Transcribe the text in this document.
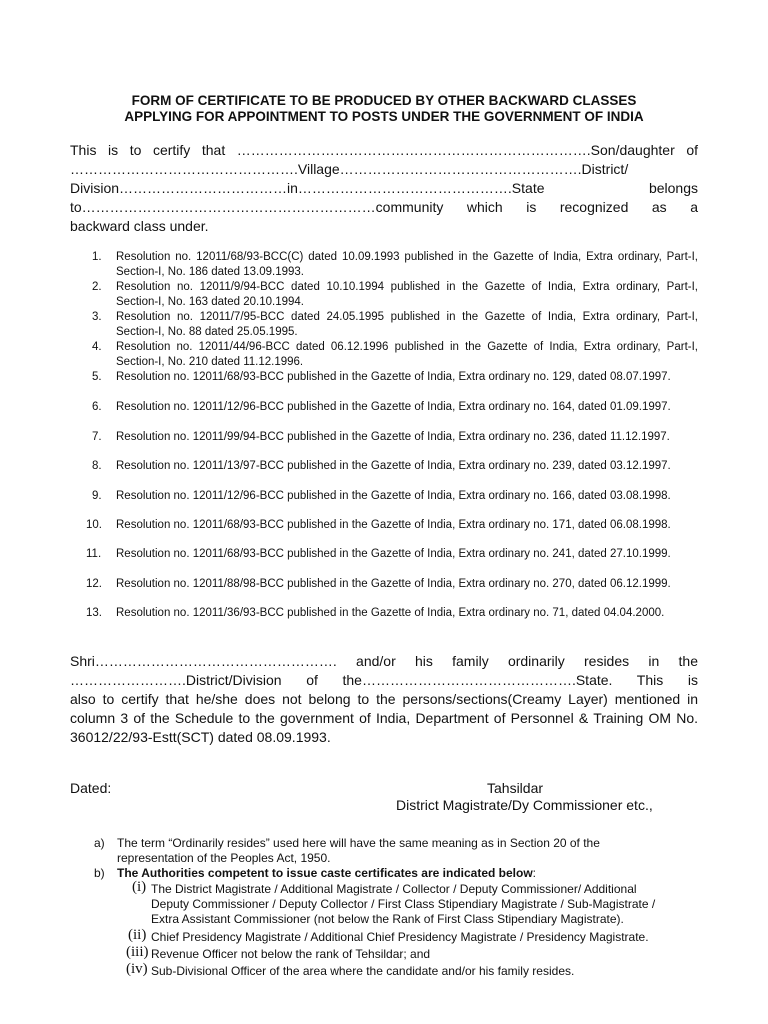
FORM OF CERTIFICATE TO BE PRODUCED BY OTHER BACKWARD CLASSES
APPLYING FOR APPOINTMENT TO POSTS UNDER THE GOVERNMENT OF INDIA
This is to certify that ………………………………………………………………….Son/daughter of
………………………………………….Village…………………………………………….District/
Division………………………………in……………………………………….State belongs
to………………………………………………………community which is recognized as a
backward class under.
1.	Resolution no. 12011/68/93-BCC(C) dated 10.09.1993 published in the Gazette of India, Extra ordinary, Part-I, Section-I, No. 186 dated 13.09.1993.
2.	Resolution no. 12011/9/94-BCC dated 10.10.1994 published in the Gazette of India, Extra ordinary, Part-I, Section-I, No. 163 dated 20.10.1994.
3.	Resolution no. 12011/7/95-BCC dated 24.05.1995 published in the Gazette of India, Extra ordinary, Part-I, Section-I, No. 88 dated 25.05.1995.
4.	Resolution no. 12011/44/96-BCC dated 06.12.1996 published in the Gazette of India, Extra ordinary, Part-I, Section-I, No. 210 dated 11.12.1996.
5.	Resolution no. 12011/68/93-BCC published in the Gazette of India, Extra ordinary no. 129, dated 08.07.1997.
6.	Resolution no. 12011/12/96-BCC published in the Gazette of India, Extra ordinary no. 164, dated 01.09.1997.
7.	Resolution no. 12011/99/94-BCC published in the Gazette of India, Extra ordinary no. 236, dated 11.12.1997.
8.	Resolution no. 12011/13/97-BCC published in the Gazette of India, Extra ordinary no. 239, dated 03.12.1997.
9.	Resolution no. 12011/12/96-BCC published in the Gazette of India, Extra ordinary no. 166, dated 03.08.1998.
10.	Resolution no. 12011/68/93-BCC published in the Gazette of India, Extra ordinary no. 171, dated 06.08.1998.
11.	Resolution no. 12011/68/93-BCC published in the Gazette of India, Extra ordinary no. 241, dated 27.10.1999.
12.	Resolution no. 12011/88/98-BCC published in the Gazette of India, Extra ordinary no. 270, dated 06.12.1999.
13.	Resolution no. 12011/36/93-BCC published in the Gazette of India, Extra ordinary no. 71, dated 04.04.2000.
Shri……………………………………………. and/or his family ordinarily resides in the
…………………….District/Division of the……………………………………….State. This is
also to certify that he/she does not belong to the persons/sections(Creamy Layer) mentioned in
column 3 of the Schedule to the government of India, Department of Personnel & Training OM No.
36012/22/93-Estt(SCT) dated 08.09.1993.
Dated:	Tahsildar
District Magistrate/Dy Commissioner etc.,
a) The term “Ordinarily resides” used here will have the same meaning as in Section 20 of the
representation of the Peoples Act, 1950.
b) The Authorities competent to issue caste certificates are indicated below:
(i) The District Magistrate / Additional Magistrate / Collector / Deputy Commissioner/ Additional
Deputy Commissioner / Deputy Collector / First Class Stipendiary Magistrate / Sub-Magistrate /
Extra Assistant Commissioner (not below the Rank of First Class Stipendiary Magistrate).
(ii) Chief Presidency Magistrate / Additional Chief Presidency Magistrate / Presidency Magistrate.
(iii) Revenue Officer not below the rank of Tehsildar; and
(iv) Sub-Divisional Officer of the area where the candidate and/or his family resides.
